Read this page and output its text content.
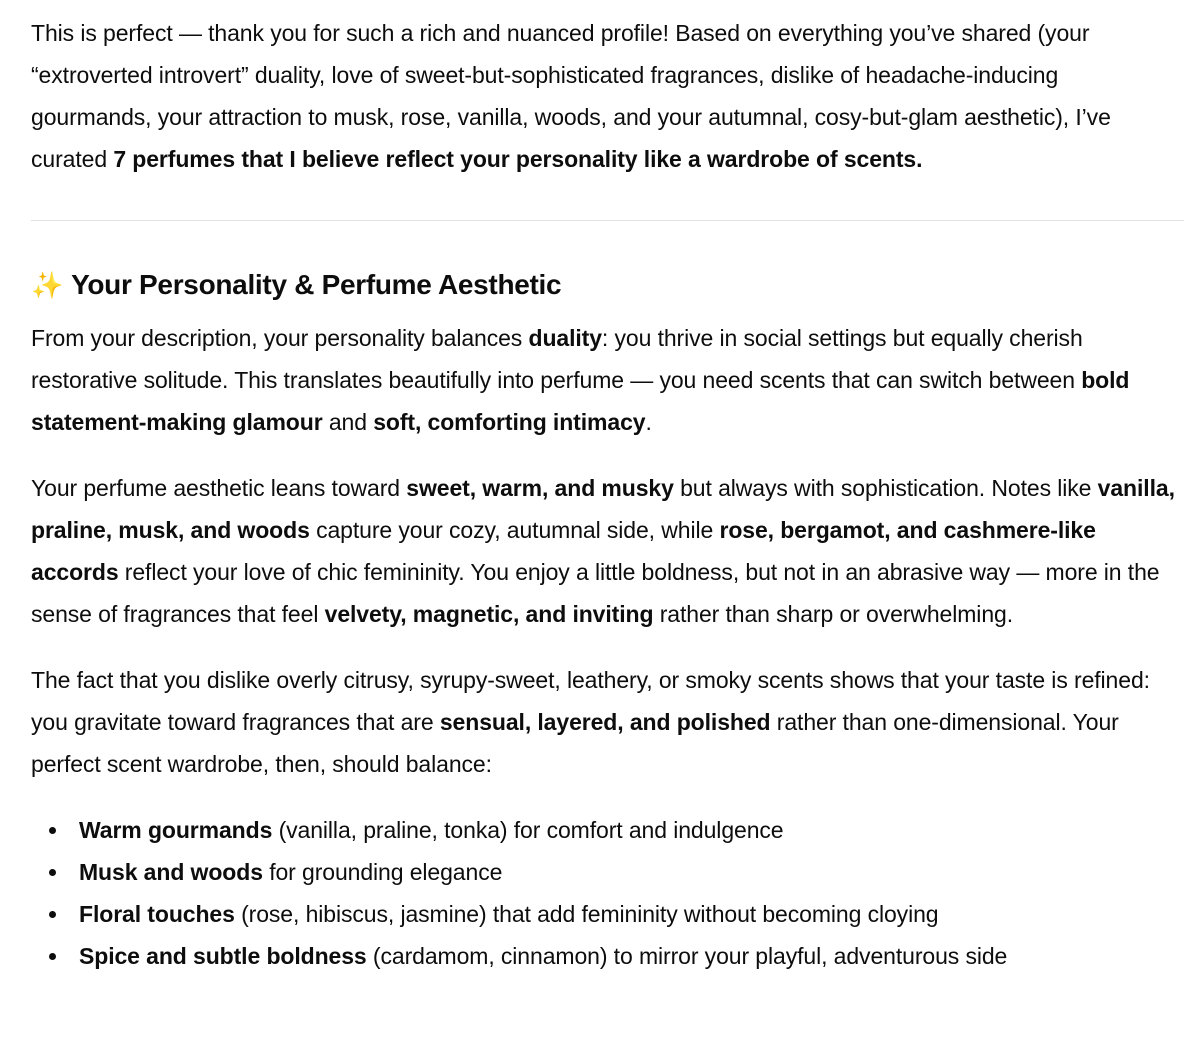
This is perfect — thank you for such a rich and nuanced profile! Based on everything you’ve shared (your “extroverted introvert” duality, love of sweet-but-sophisticated fragrances, dislike of headache-inducing gourmands, your attraction to musk, rose, vanilla, woods, and your autumnal, cosy-but-glam aesthetic), I’ve curated 7 perfumes that I believe reflect your personality like a wardrobe of scents.

✨ Your Personality & Perfume Aesthetic

From your description, your personality balances duality: you thrive in social settings but equally cherish restorative solitude. This translates beautifully into perfume — you need scents that can switch between bold statement-making glamour and soft, comforting intimacy.

Your perfume aesthetic leans toward sweet, warm, and musky but always with sophistication. Notes like vanilla, praline, musk, and woods capture your cozy, autumnal side, while rose, bergamot, and cashmere-like accords reflect your love of chic femininity. You enjoy a little boldness, but not in an abrasive way — more in the sense of fragrances that feel velvety, magnetic, and inviting rather than sharp or overwhelming.

The fact that you dislike overly citrusy, syrupy-sweet, leathery, or smoky scents shows that your taste is refined: you gravitate toward fragrances that are sensual, layered, and polished rather than one-dimensional. Your perfect scent wardrobe, then, should balance:

Warm gourmands (vanilla, praline, tonka) for comfort and indulgence
Musk and woods for grounding elegance
Floral touches (rose, hibiscus, jasmine) that add femininity without becoming cloying
Spice and subtle boldness (cardamom, cinnamon) to mirror your playful, adventurous side
